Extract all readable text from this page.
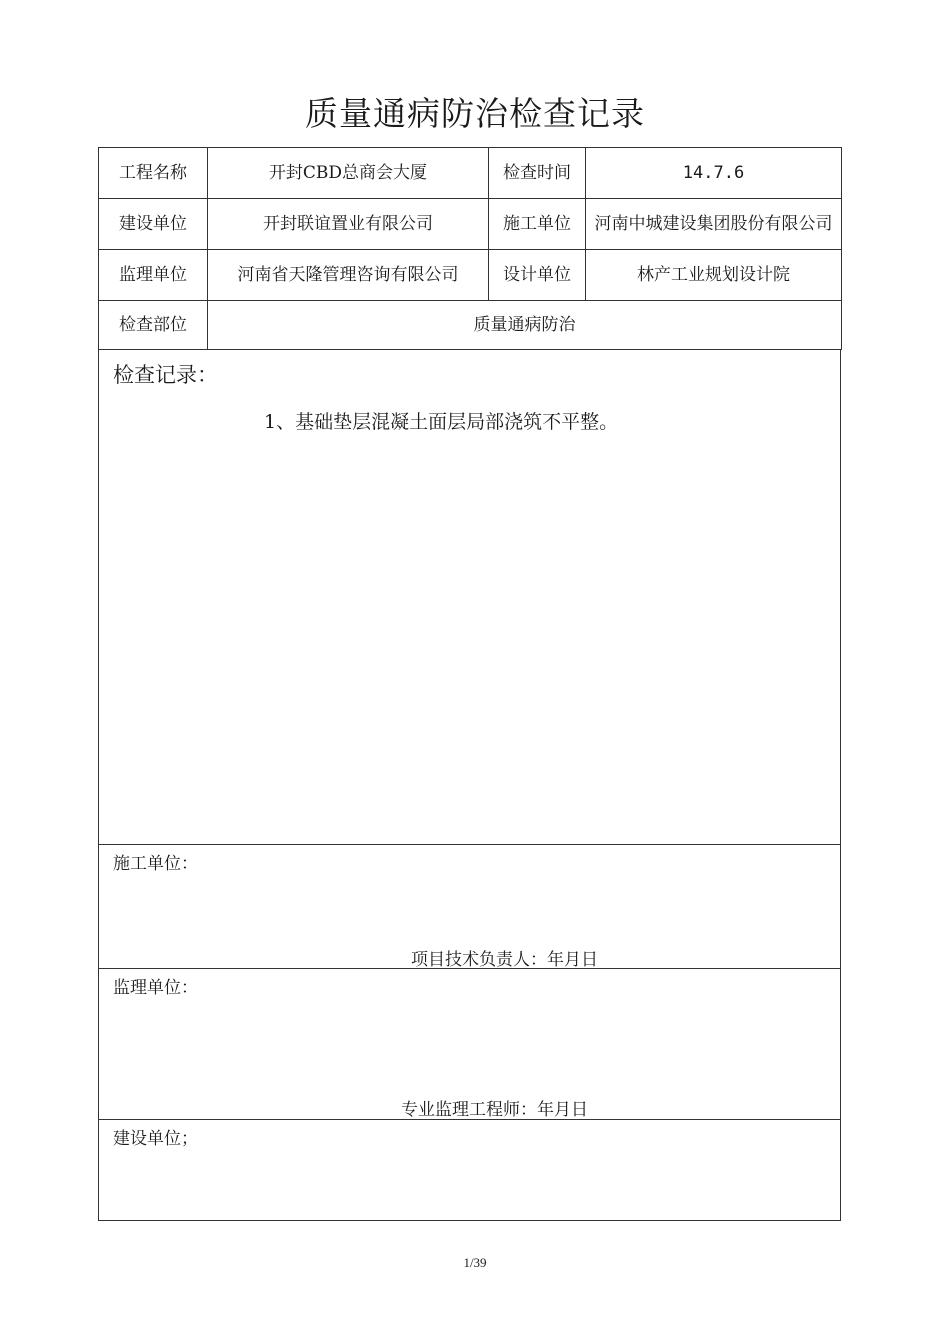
质量通病防治检查记录
工程名称	开封CBD总商会大厦	检查时间	14.7.6
建设单位	开封联谊置业有限公司	施工单位	河南中城建设集团股份有限公司
监理单位	河南省天隆管理咨询有限公司	设计单位	林产工业规划设计院
检查部位	质量通病防治		
检查记录：
1、基础垫层混凝土面层局部浇筑不平整。
施工单位：
项目技术负责人：年月日
监理单位：
专业监理工程师：年月日
建设单位；
1/39
